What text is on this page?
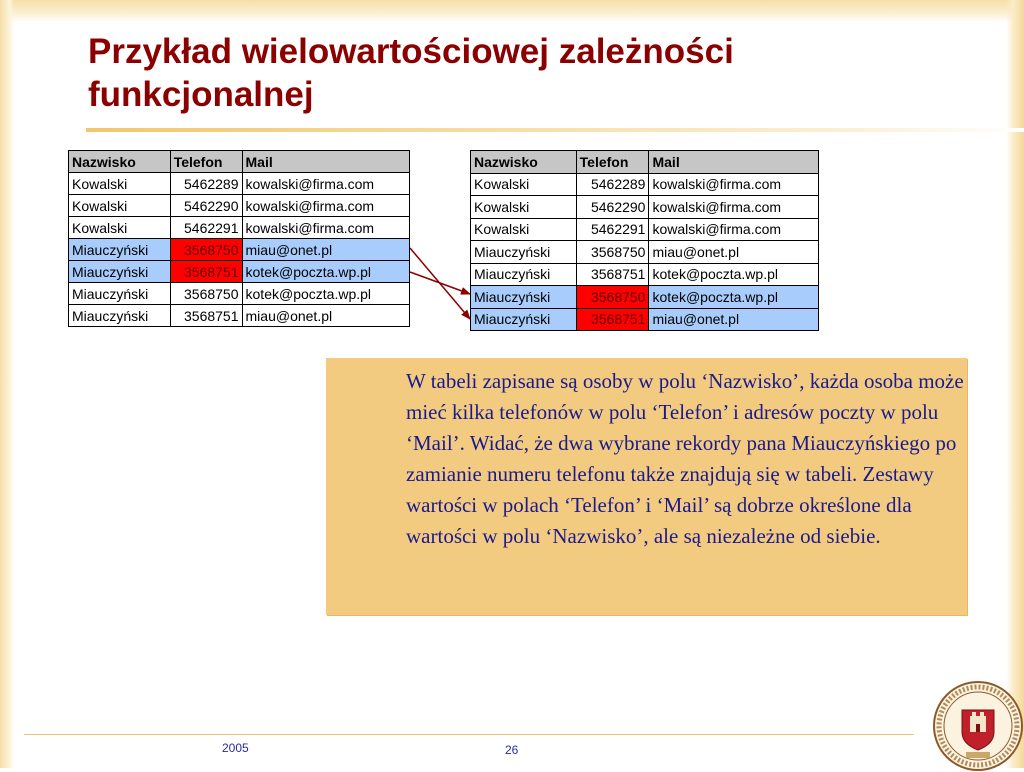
Przykład wielowartościowej zależności funkcjonalnej
Nazwisko	Telefon	Mail
Kowalski	5462289	kowalski@firma.com
Kowalski	5462290	kowalski@firma.com
Kowalski	5462291	kowalski@firma.com
Miauczyński	3568750	miau@onet.pl
Miauczyński	3568751	kotek@poczta.wp.pl
Miauczyński	3568750	kotek@poczta.wp.pl
Miauczyński	3568751	miau@onet.pl
Nazwisko	Telefon	Mail
Kowalski	5462289	kowalski@firma.com
Kowalski	5462290	kowalski@firma.com
Kowalski	5462291	kowalski@firma.com
Miauczyński	3568750	miau@onet.pl
Miauczyński	3568751	kotek@poczta.wp.pl
Miauczyński	3568750	kotek@poczta.wp.pl
Miauczyński	3568751	miau@onet.pl

W tabeli zapisane są osoby w polu ‘Nazwisko’, każda osoba może mieć kilka telefonów w polu ‘Telefon’ i adresów poczty w polu ‘Mail’. Widać, że dwa wybrane rekordy pana Miauczyńskiego po zamianie numeru telefonu także znajdują się w tabeli. Zestawy wartości w polach ‘Telefon’ i ‘Mail’ są dobrze określone dla wartości w polu ‘Nazwisko’, ale są niezależne od siebie.

2005	26
